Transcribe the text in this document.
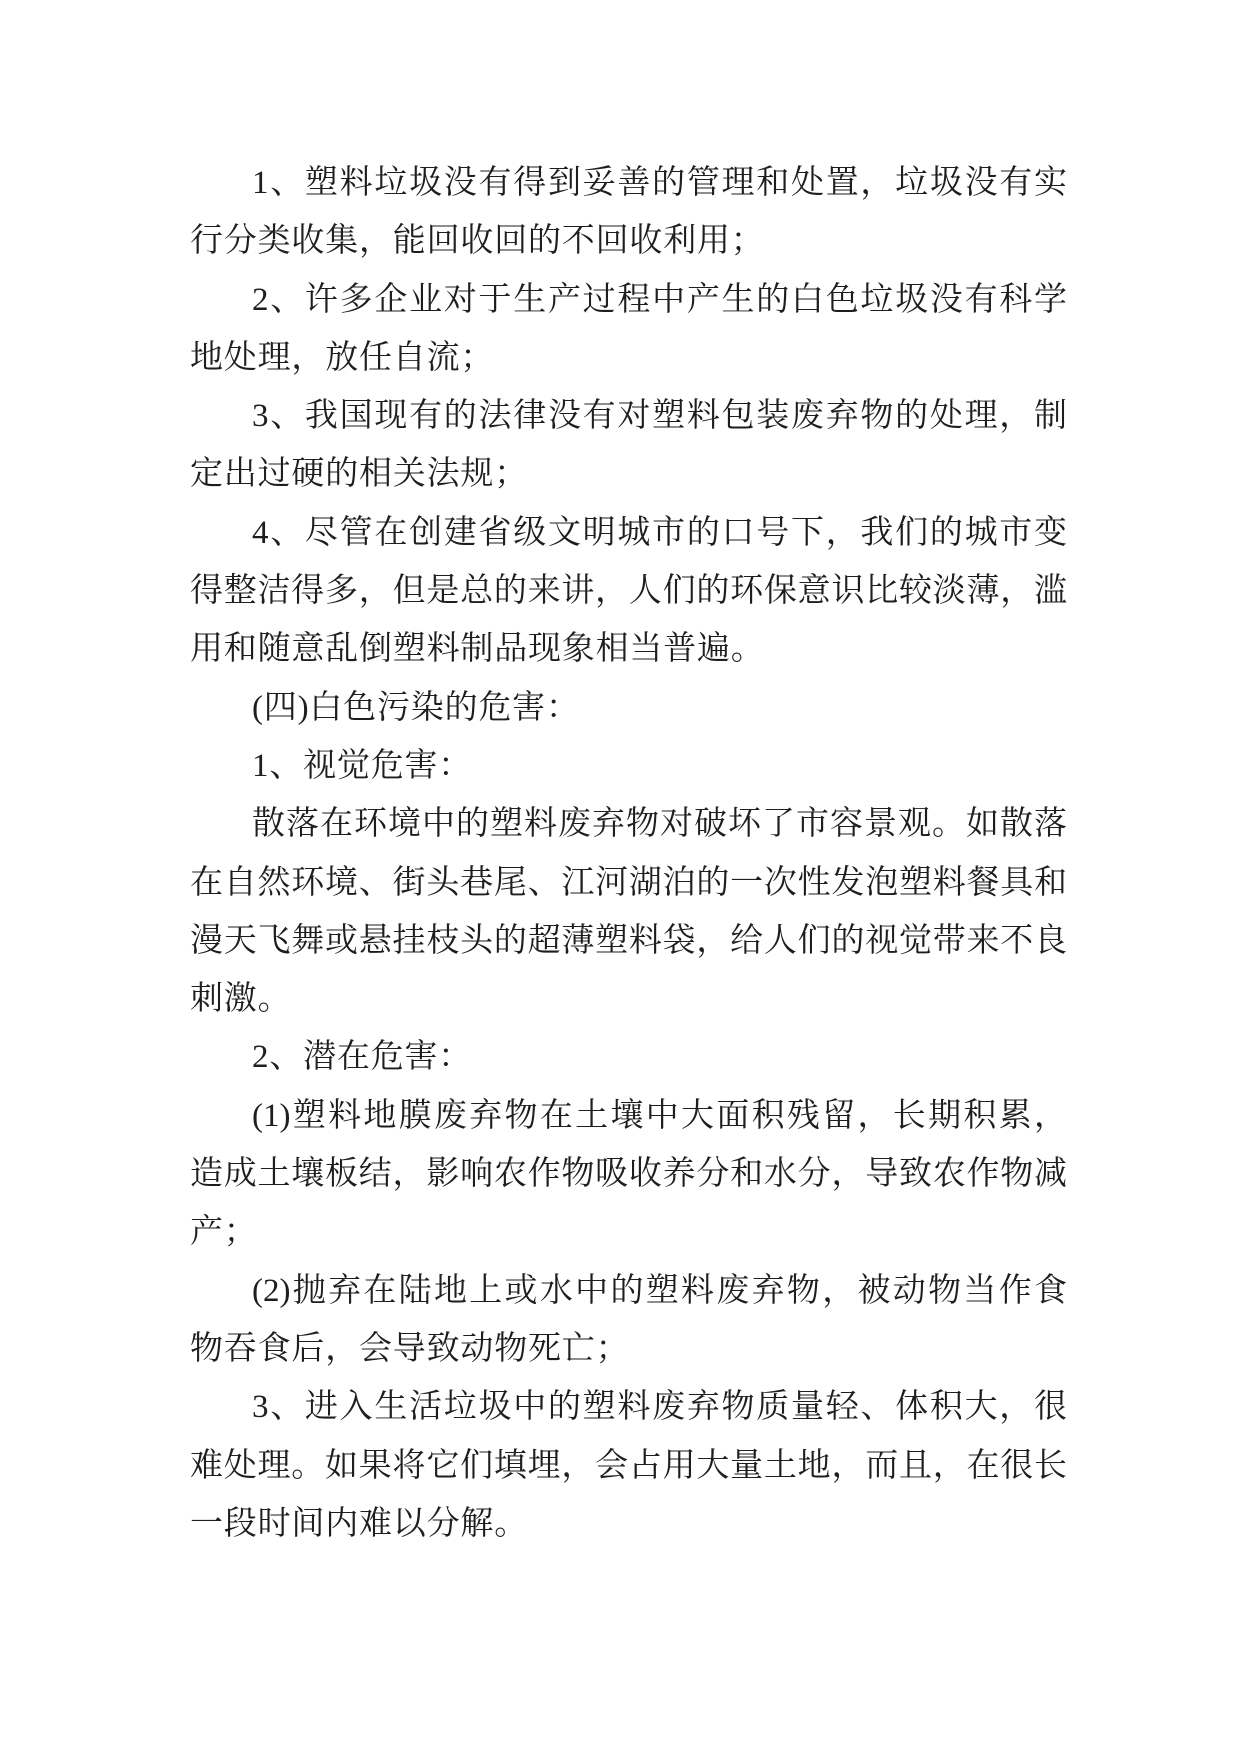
1、塑料垃圾没有得到妥善的管理和处置，垃圾没有实
行分类收集，能回收回的不回收利用；
2、许多企业对于生产过程中产生的白色垃圾没有科学
地处理，放任自流；
3、我国现有的法律没有对塑料包装废弃物的处理，制
定出过硬的相关法规；
4、尽管在创建省级文明城市的口号下，我们的城市变
得整洁得多，但是总的来讲，人们的环保意识比较淡薄，滥
用和随意乱倒塑料制品现象相当普遍。
(四)白色污染的危害：
1、视觉危害：
散落在环境中的塑料废弃物对破坏了市容景观。如散落
在自然环境、街头巷尾、江河湖泊的一次性发泡塑料餐具和
漫天飞舞或悬挂枝头的超薄塑料袋，给人们的视觉带来不良
刺激。
2、潜在危害：
(1)塑料地膜废弃物在土壤中大面积残留，长期积累，
造成土壤板结，影响农作物吸收养分和水分，导致农作物减
产；
(2)抛弃在陆地上或水中的塑料废弃物，被动物当作食
物吞食后，会导致动物死亡；
3、进入生活垃圾中的塑料废弃物质量轻、体积大，很
难处理。如果将它们填埋，会占用大量土地，而且，在很长
一段时间内难以分解。
